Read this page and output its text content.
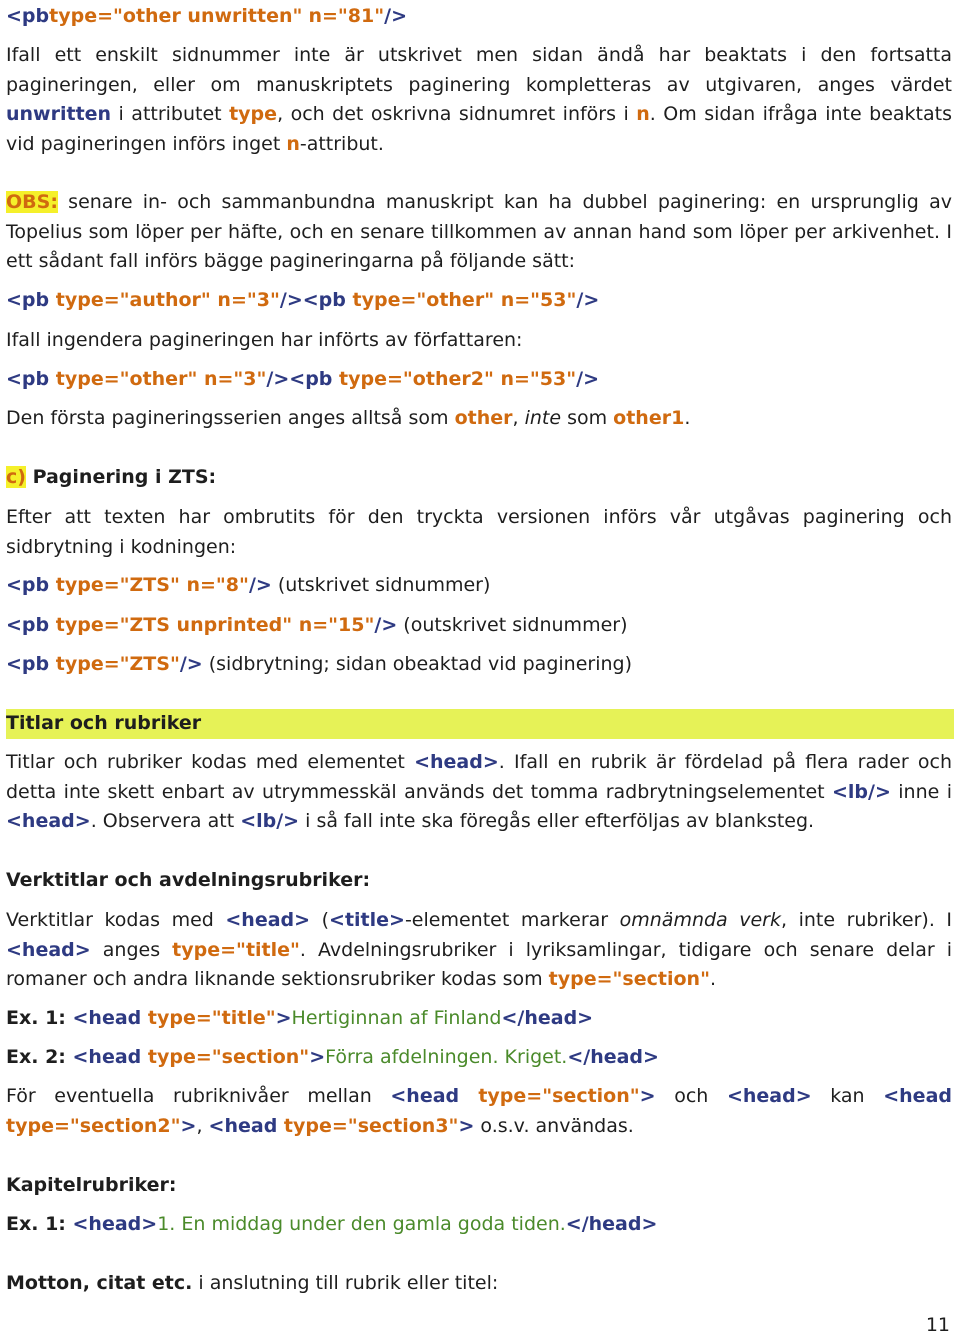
<pbtype="other unwritten" n="81"/>

Ifall ett enskilt sidnummer inte är utskrivet men sidan ändå har beaktats i den fortsatta pagineringen, eller om manuskriptets paginering kompletteras av utgivaren, anges värdet unwritten i attributet type, och det oskrivna sidnumret införs i n. Om sidan ifråga inte beaktats vid pagineringen införs inget n-attribut.

OBS: senare in- och sammanbundna manuskript kan ha dubbel paginering: en ursprunglig av Topelius som löper per häfte, och en senare tillkommen av annan hand som löper per arkivenhet. I ett sådant fall införs bägge pagineringarna på följande sätt:

<pb type="author" n="3"/><pb type="other" n="53"/>

Ifall ingendera pagineringen har införts av författaren:

<pb type="other" n="3"/><pb type="other2" n="53"/>

Den första pagineringsserien anges alltså som other, inte som other1.

c) Paginering i ZTS:

Efter att texten har ombrutits för den tryckta versionen införs vår utgåvas paginering och sidbrytning i kodningen:

<pb type="ZTS" n="8"/> (utskrivet sidnummer)

<pb type="ZTS unprinted" n="15"/> (outskrivet sidnummer)

<pb type="ZTS"/> (sidbrytning; sidan obeaktad vid paginering)

Titlar och rubriker

Titlar och rubriker kodas med elementet <head>. Ifall en rubrik är fördelad på flera rader och detta inte skett enbart av utrymmesskäl används det tomma radbrytningselementet <lb/> inne i <head>. Observera att <lb/> i så fall inte ska föregås eller efterföljas av blanksteg.

Verktitlar och avdelningsrubriker:

Verktitlar kodas med <head> (<title>-elementet markerar omnämnda verk, inte rubriker). I <head> anges type="title". Avdelningsrubriker i lyriksamlingar, tidigare och senare delar i romaner och andra liknande sektionsrubriker kodas som type="section".

Ex. 1: <head type="title">Hertiginnan af Finland</head>

Ex. 2: <head type="section">Förra afdelningen. Kriget.</head>

För eventuella rubriknivåer mellan <head type="section"> och <head> kan <head type="section2">, <head type="section3"> o.s.v. användas.

Kapitelrubriker:

Ex. 1: <head>1. En middag under den gamla goda tiden.</head>

Motton, citat etc. i anslutning till rubrik eller titel:

11
